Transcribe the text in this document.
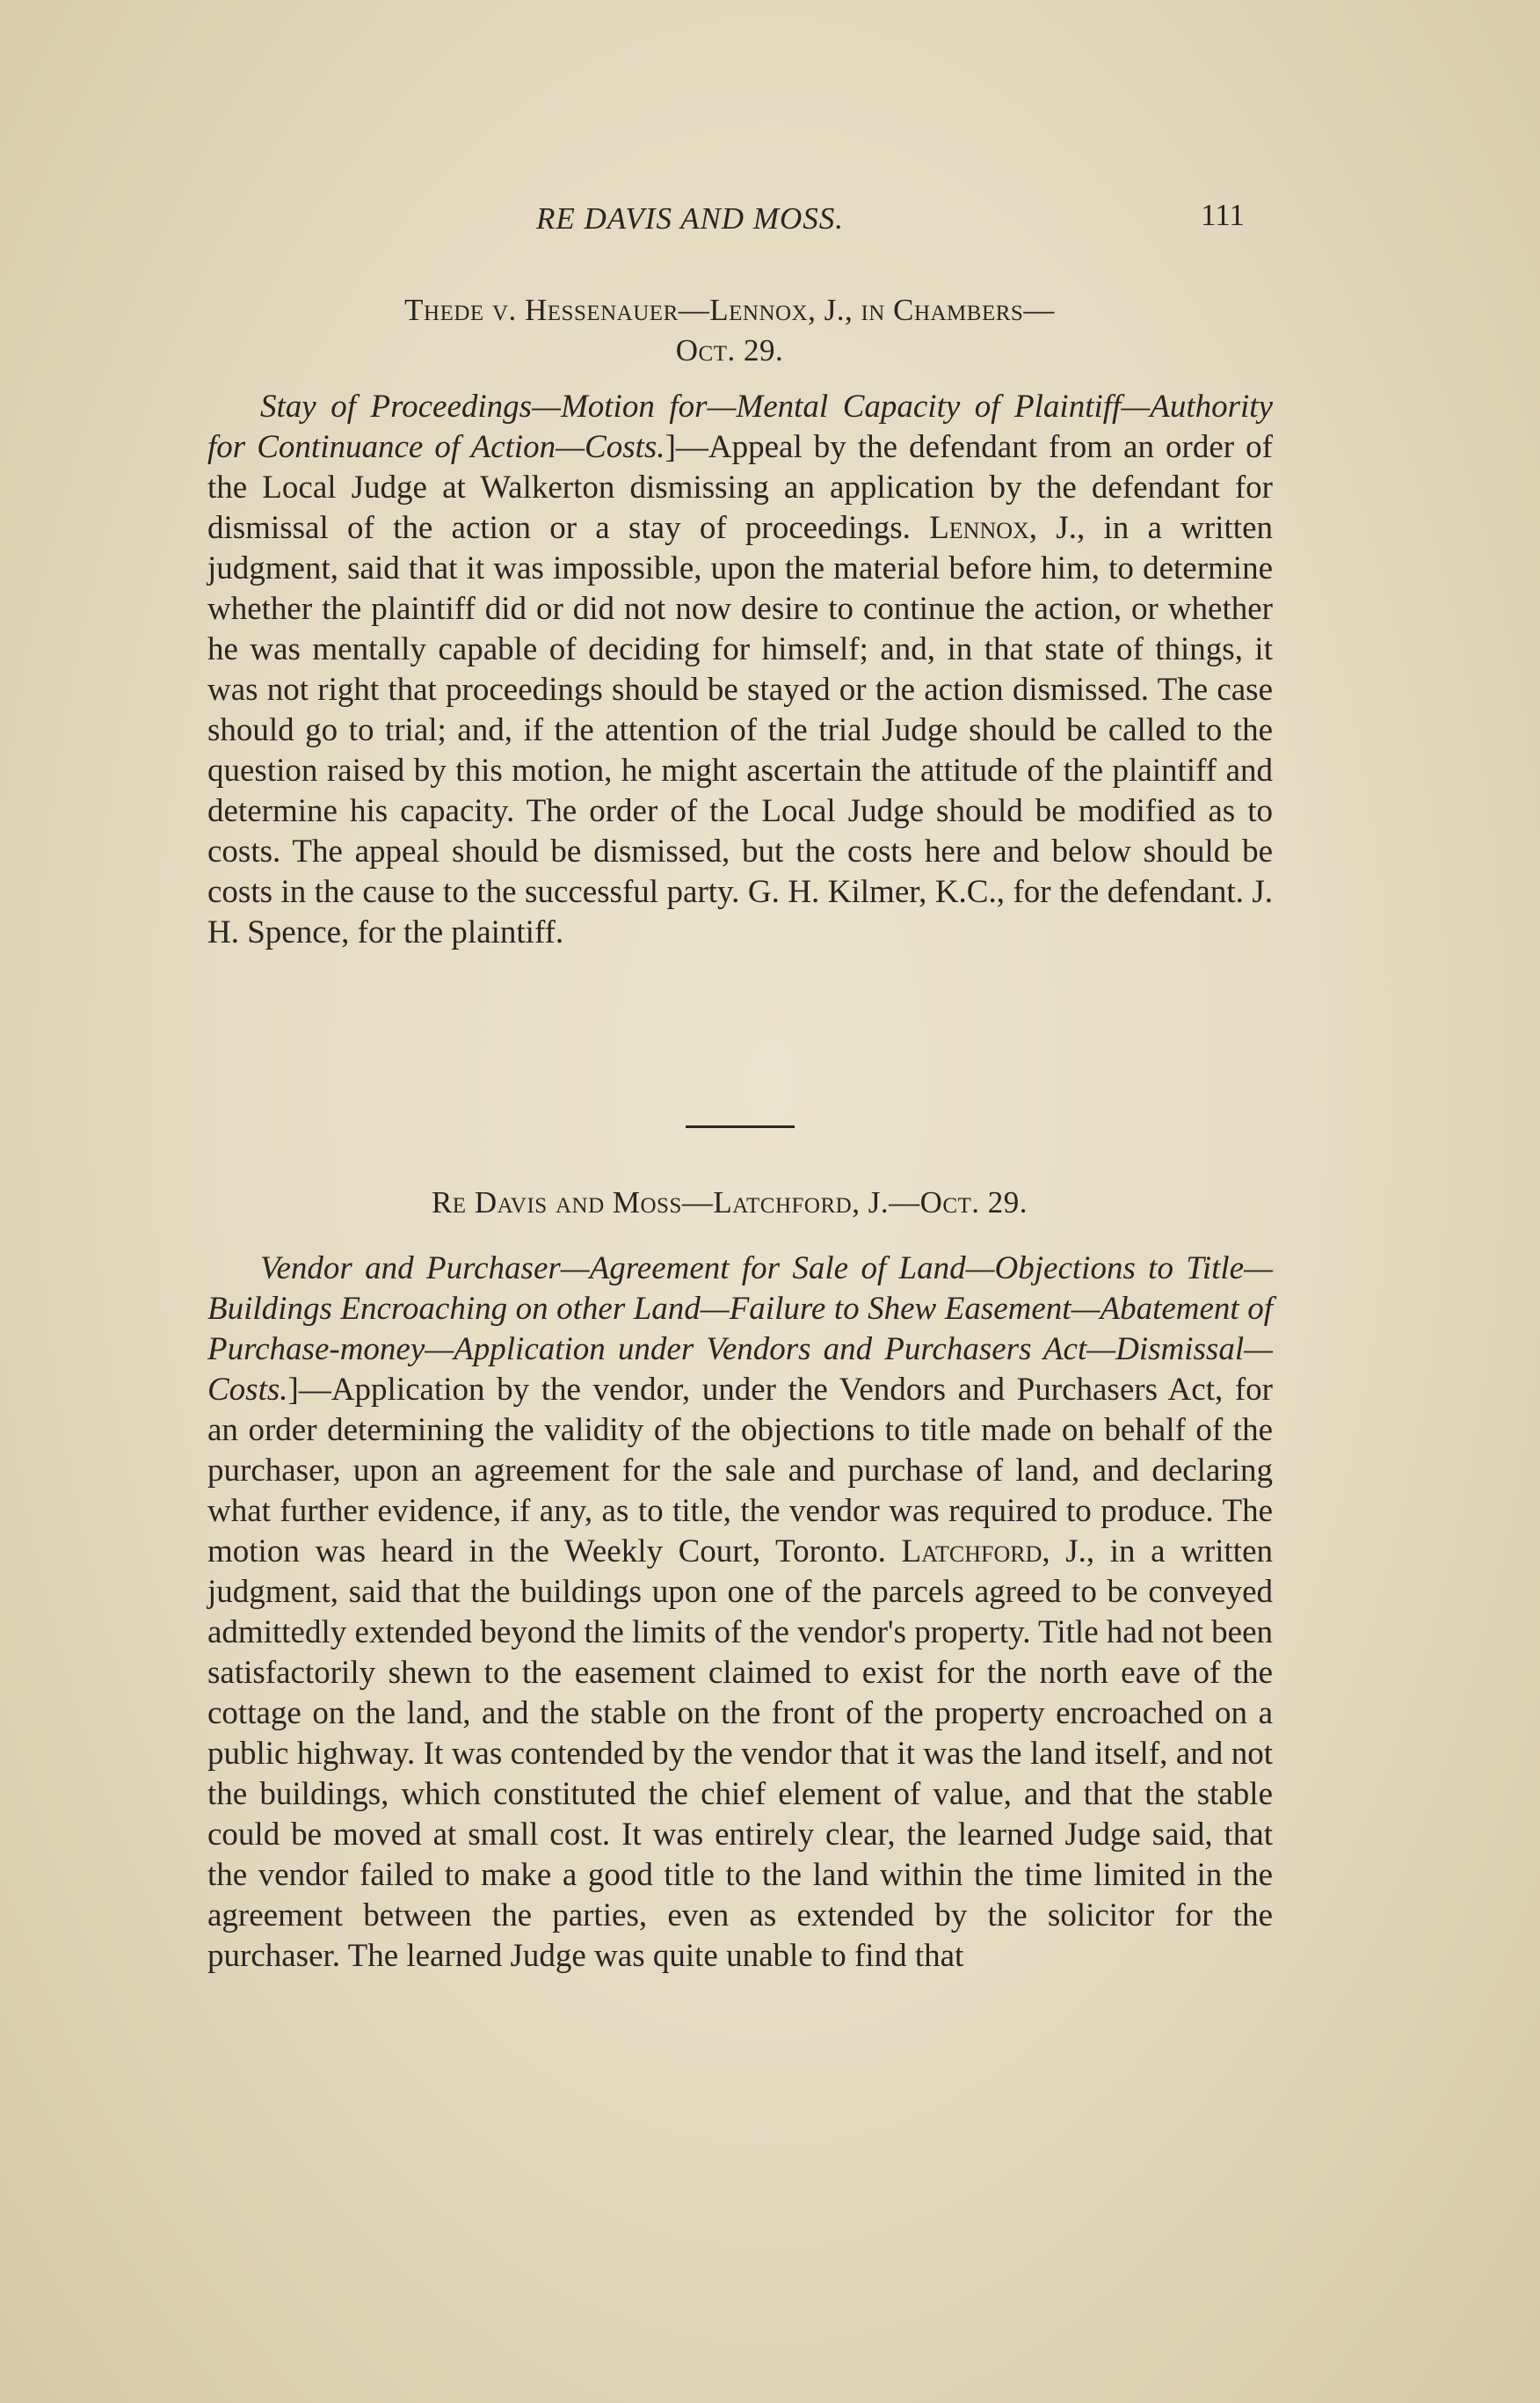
RE DAVIS AND MOSS.	111
Thede v. Hessenauer—Lennox, J., in Chambers—
Oct. 29.

Stay of Proceedings—Motion for—Mental Capacity of Plaintiff—Authority for Continuance of Action—Costs.]—Appeal by the defendant from an order of the Local Judge at Walkerton dismissing an application by the defendant for dismissal of the action or a stay of proceedings. Lennox, J., in a written judgment, said that it was impossible, upon the material before him, to determine whether the plaintiff did or did not now desire to continue the action, or whether he was mentally capable of deciding for himself; and, in that state of things, it was not right that proceedings should be stayed or the action dismissed. The case should go to trial; and, if the attention of the trial Judge should be called to the question raised by this motion, he might ascertain the attitude of the plaintiff and determine his capacity. The order of the Local Judge should be modified as to costs. The appeal should be dismissed, but the costs here and below should be costs in the cause to the successful party. G. H. Kilmer, K.C., for the defendant. J. H. Spence, for the plaintiff.

Re Davis and Moss—Latchford, J.—Oct. 29.

Vendor and Purchaser—Agreement for Sale of Land—Objections to Title—Buildings Encroaching on other Land—Failure to Shew Easement—Abatement of Purchase-money—Application under Vendors and Purchasers Act—Dismissal—Costs.]—Application by the vendor, under the Vendors and Purchasers Act, for an order determining the validity of the objections to title made on behalf of the purchaser, upon an agreement for the sale and purchase of land, and declaring what further evidence, if any, as to title, the vendor was required to produce. The motion was heard in the Weekly Court, Toronto. Latchford, J., in a written judgment, said that the buildings upon one of the parcels agreed to be conveyed admittedly extended beyond the limits of the vendor's property. Title had not been satisfactorily shewn to the easement claimed to exist for the north eave of the cottage on the land, and the stable on the front of the property encroached on a public highway. It was contended by the vendor that it was the land itself, and not the buildings, which constituted the chief element of value, and that the stable could be moved at small cost. It was entirely clear, the learned Judge said, that the vendor failed to make a good title to the land within the time limited in the agreement between the parties, even as extended by the solicitor for the purchaser. The learned Judge was quite unable to find that
